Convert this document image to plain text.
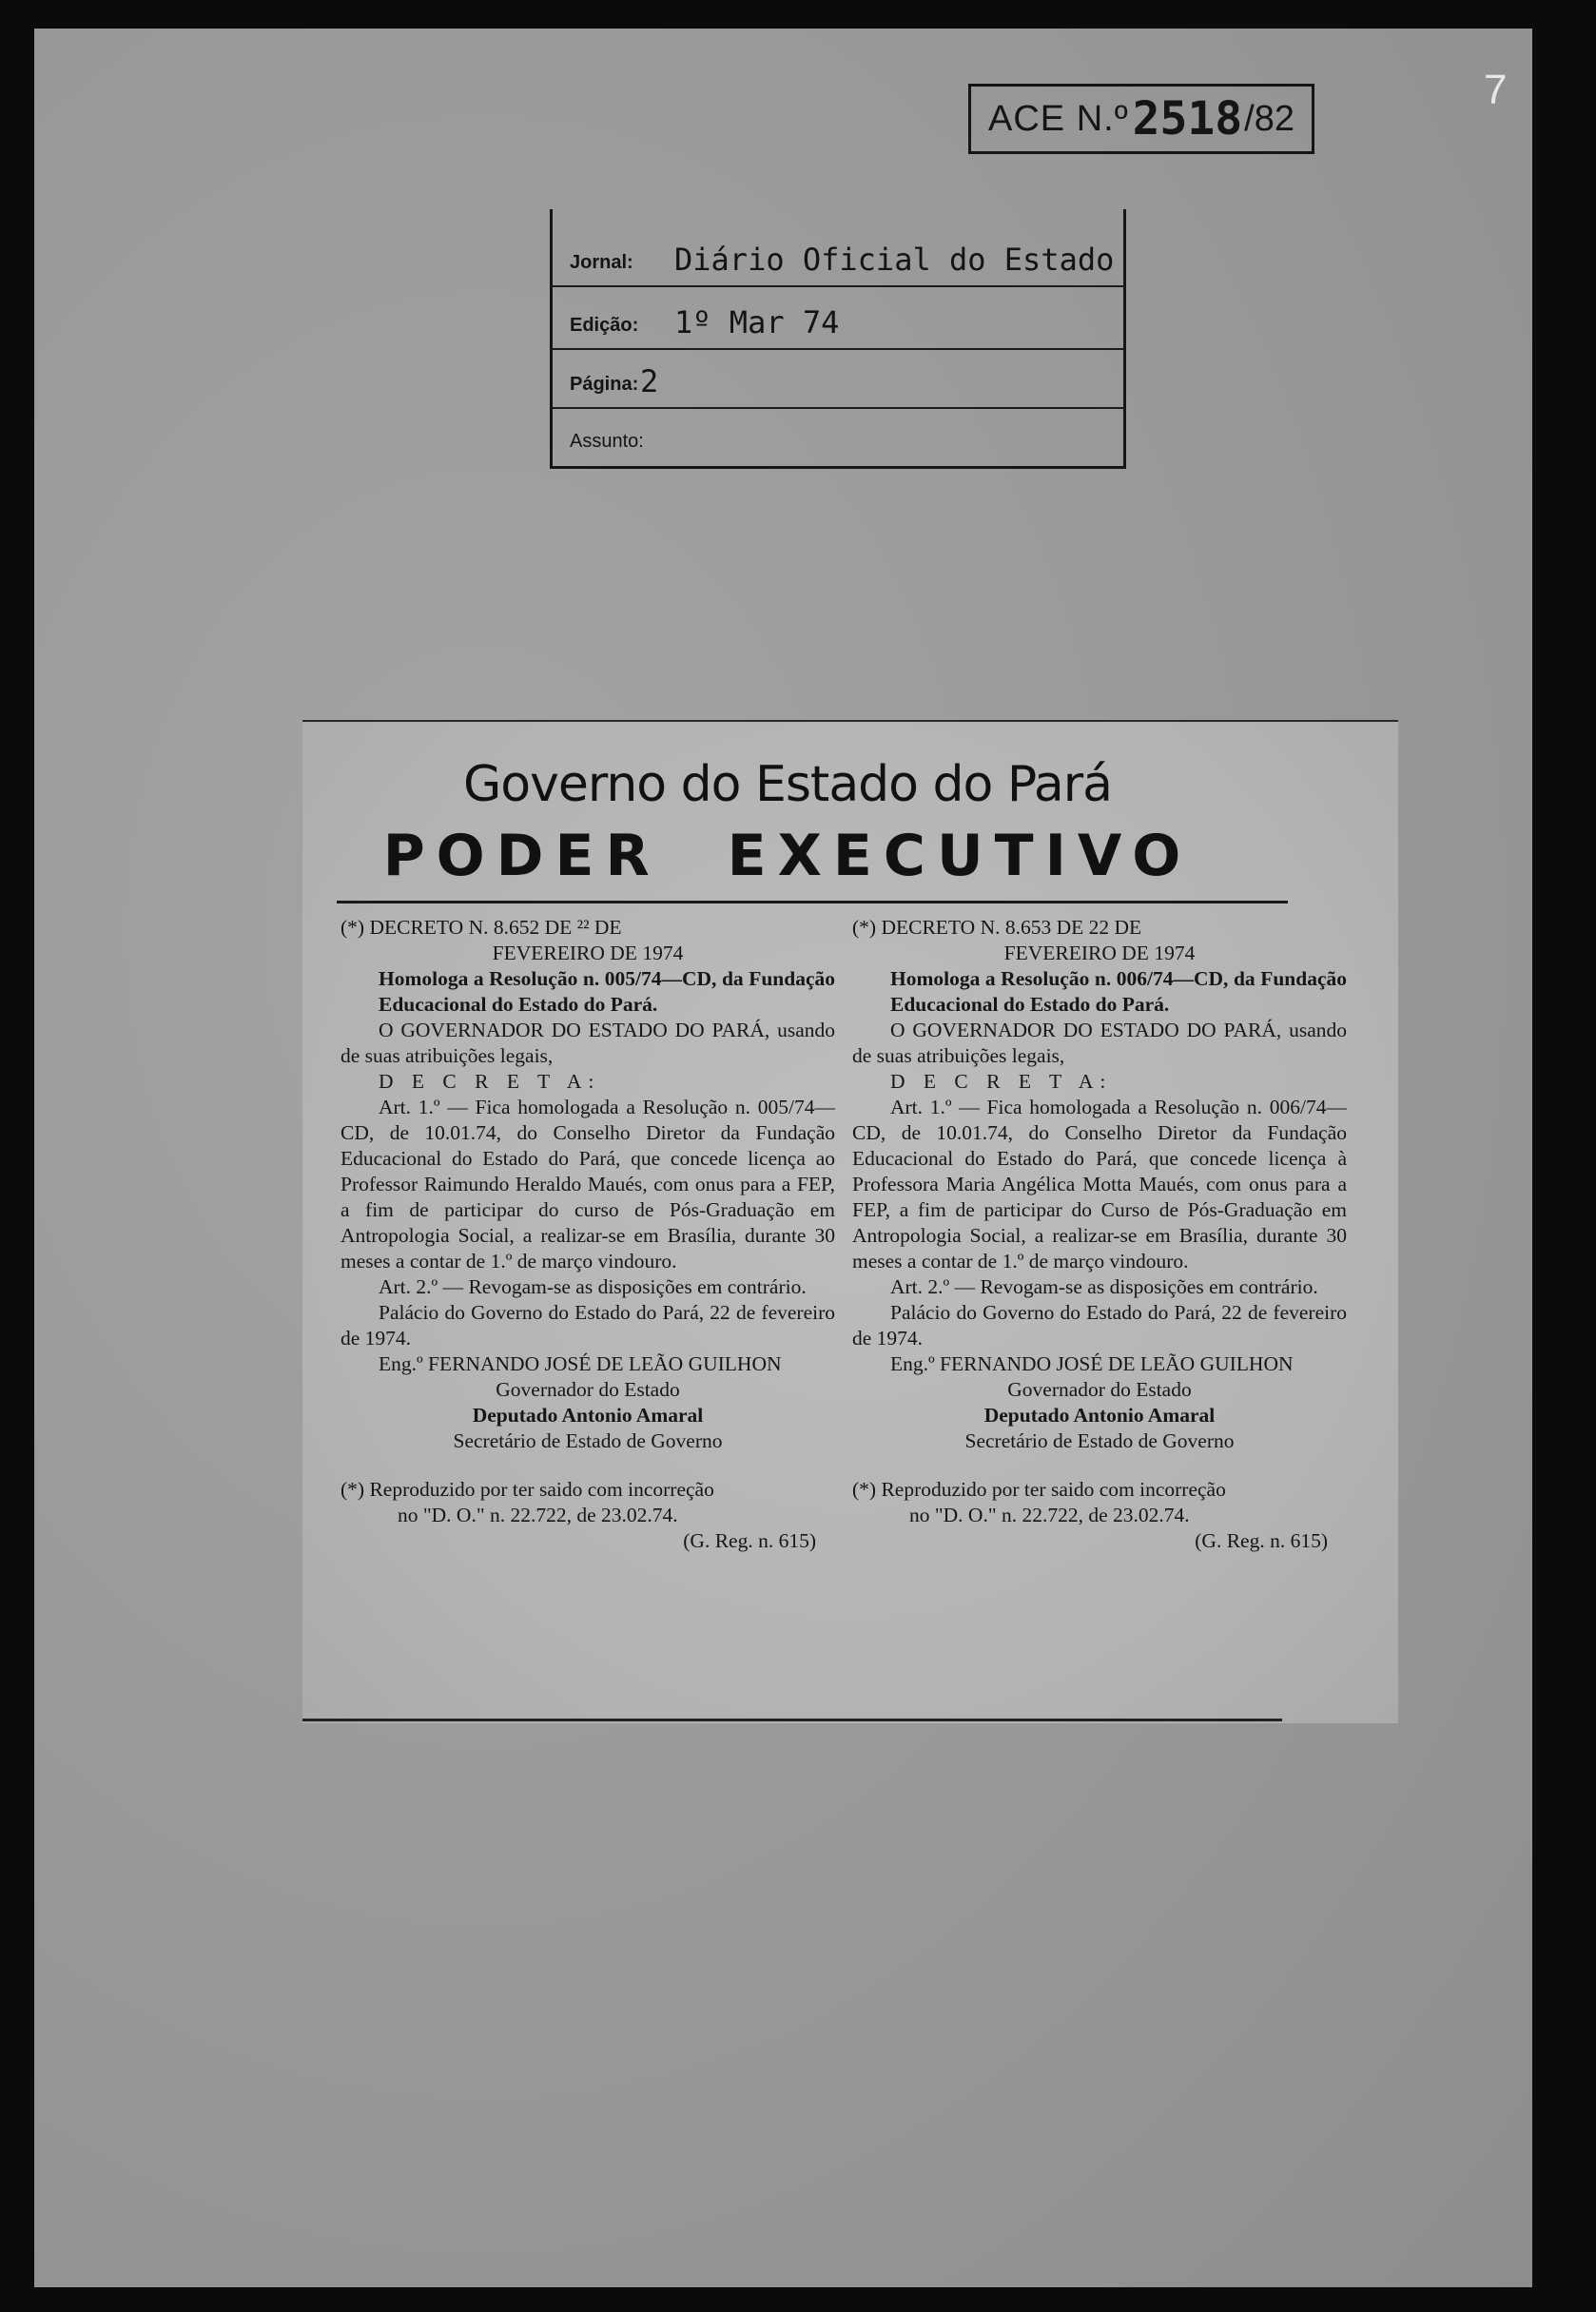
7
ACE N.º 2518 /82
Jornal: Diário Oficial do Estado
Edição: 1º Mar 74
Página: 2
Assunto:
Governo do Estado do Pará
PODER EXECUTIVO

(*) DECRETO N. 8.652 DE ²² DE

FEVEREIRO DE 1974

Homologa a Resolução n. 005/74—CD, da Fundação Educacional do Estado do Pará.

O GOVERNADOR DO ESTADO DO PARÁ, usando de suas atribuições legais,

D E C R E T A:

Art. 1.º — Fica homologada a Resolução n. 005/74—CD, de 10.01.74, do Conselho Diretor da Fundação Educacional do Estado do Pará, que concede licença ao Professor Raimundo Heraldo Maués, com onus para a FEP, a fim de participar do curso de Pós-Graduação em Antropologia Social, a realizar-se em Brasília, durante 30 meses a contar de 1.º de março vindouro.

Art. 2.º — Revogam-se as disposições em contrário.

Palácio do Governo do Estado do Pará, 22 de fevereiro de 1974.

Eng.º FERNANDO JOSÉ DE LEÃO GUILHON

Governador do Estado

Deputado Antonio Amaral

Secretário de Estado de Governo

(*) Reproduzido por ter saido com incorreção

no "D. O." n. 22.722, de 23.02.74.

(G. Reg. n. 615)

(*) DECRETO N. 8.653 DE 22 DE

FEVEREIRO DE 1974

Homologa a Resolução n. 006/74—CD, da Fundação Educacional do Estado do Pará.

O GOVERNADOR DO ESTADO DO PARÁ, usando de suas atribuições legais,

D E C R E T A:

Art. 1.º — Fica homologada a Resolução n. 006/74—CD, de 10.01.74, do Conselho Diretor da Fundação Educacional do Estado do Pará, que concede licença à Professora Maria Angélica Motta Maués, com onus para a FEP, a fim de participar do Curso de Pós-Graduação em Antropologia Social, a realizar-se em Brasília, durante 30 meses a contar de 1.º de março vindouro.

Art. 2.º — Revogam-se as disposições em contrário.

Palácio do Governo do Estado do Pará, 22 de fevereiro de 1974.

Eng.º FERNANDO JOSÉ DE LEÃO GUILHON

Governador do Estado

Deputado Antonio Amaral

Secretário de Estado de Governo

(*) Reproduzido por ter saido com incorreção

no "D. O." n. 22.722, de 23.02.74.

(G. Reg. n. 615)
